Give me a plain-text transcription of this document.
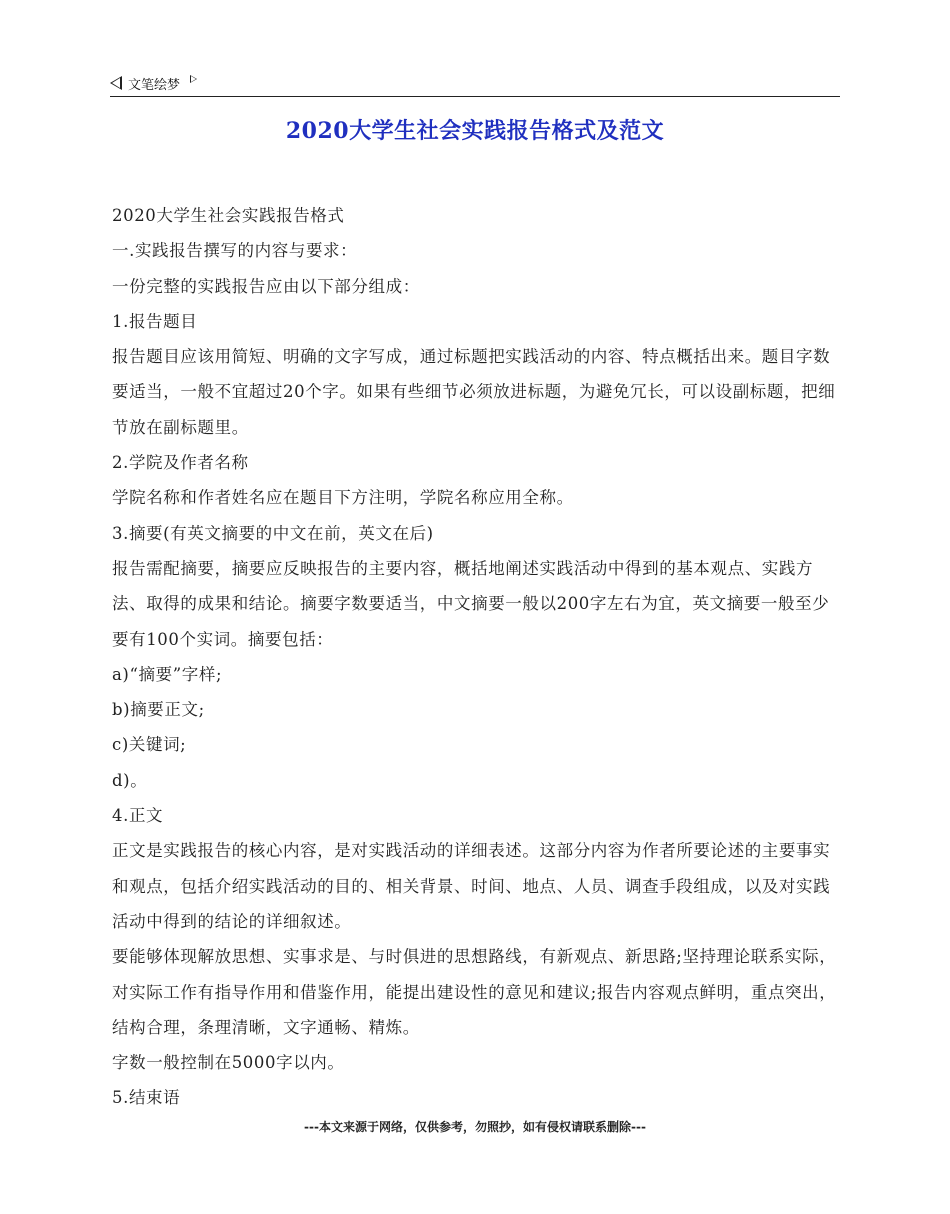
文笔绘梦
2020大学生社会实践报告格式及范文

2020大学生社会实践报告格式

一.实践报告撰写的内容与要求：

一份完整的实践报告应由以下部分组成：

1.报告题目

报告题目应该用简短、明确的文字写成，通过标题把实践活动的内容、特点概括出来。题目字数要适当，一般不宜超过20个字。如果有些细节必须放进标题，为避免冗长，可以设副标题，把细节放在副标题里。

2.学院及作者名称

学院名称和作者姓名应在题目下方注明，学院名称应用全称。

3.摘要(有英文摘要的中文在前，英文在后)

报告需配摘要，摘要应反映报告的主要内容，概括地阐述实践活动中得到的基本观点、实践方法、取得的成果和结论。摘要字数要适当，中文摘要一般以200字左右为宜，英文摘要一般至少要有100个实词。摘要包括：

a)“摘要”字样;

b)摘要正文;

c)关键词;

d)。

4.正文

正文是实践报告的核心内容，是对实践活动的详细表述。这部分内容为作者所要论述的主要事实和观点，包括介绍实践活动的目的、相关背景、时间、地点、人员、调查手段组成，以及对实践活动中得到的结论的详细叙述。

要能够体现解放思想、实事求是、与时俱进的思想路线，有新观点、新思路;坚持理论联系实际，对实际工作有指导作用和借鉴作用，能提出建设性的意见和建议;报告内容观点鲜明，重点突出，结构合理，条理清晰，文字通畅、精炼。

字数一般控制在5000字以内。

5.结束语

---本文来源于网络，仅供参考，勿照抄，如有侵权请联系删除---
